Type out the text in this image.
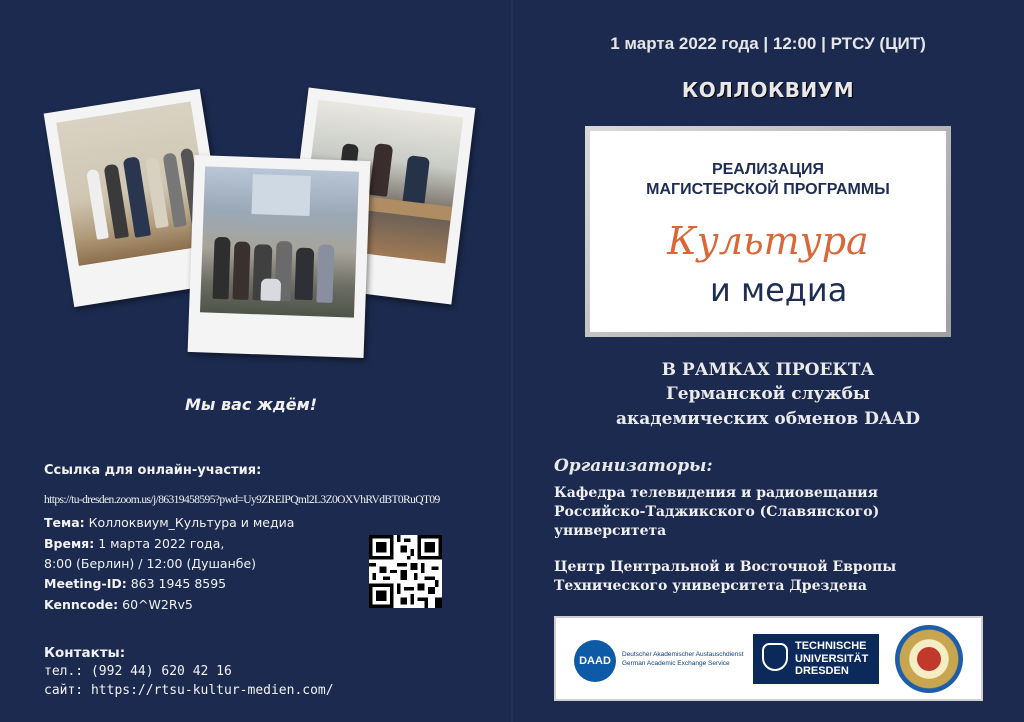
Мы вас ждём!
Ссылка для онлайн-участия:
https://tu-dresden.zoom.us/j/86319458595?pwd=Uy9ZREIPQml2L3Z0OXVhRVdBT0RuQT09
Тема: Коллоквиум_Культура и медиа
Время: 1 марта 2022 года,
8:00 (Берлин) / 12:00 (Душанбе)
Meeting-ID: 863 1945 8595
Kenncode: 60^W2Rv5
Контакты:
тел.: (992 44) 620 42 16
сайт: https://rtsu-kultur-medien.com/
1 марта 2022 года | 12:00 | РТСУ (ЦИТ)
КОЛЛОКВИУМ
РЕАЛИЗАЦИЯ
МАГИСТЕРСКОЙ ПРОГРАММЫ
Культура
и медиа
В РАМКАХ ПРОЕКТА
Германской службы
академических обменов DAAD
Организаторы:
Кафедра телевидения и радиовещания
Российско-Таджикского (Славянского)
университета
Центр Центральной и Восточной Европы
Технического университета Дрездена
DAAD
Deutscher Akademischer Austauschdienst
German Academic Exchange Service
TECHNISCHE
UNIVERSITÄT
DRESDEN
